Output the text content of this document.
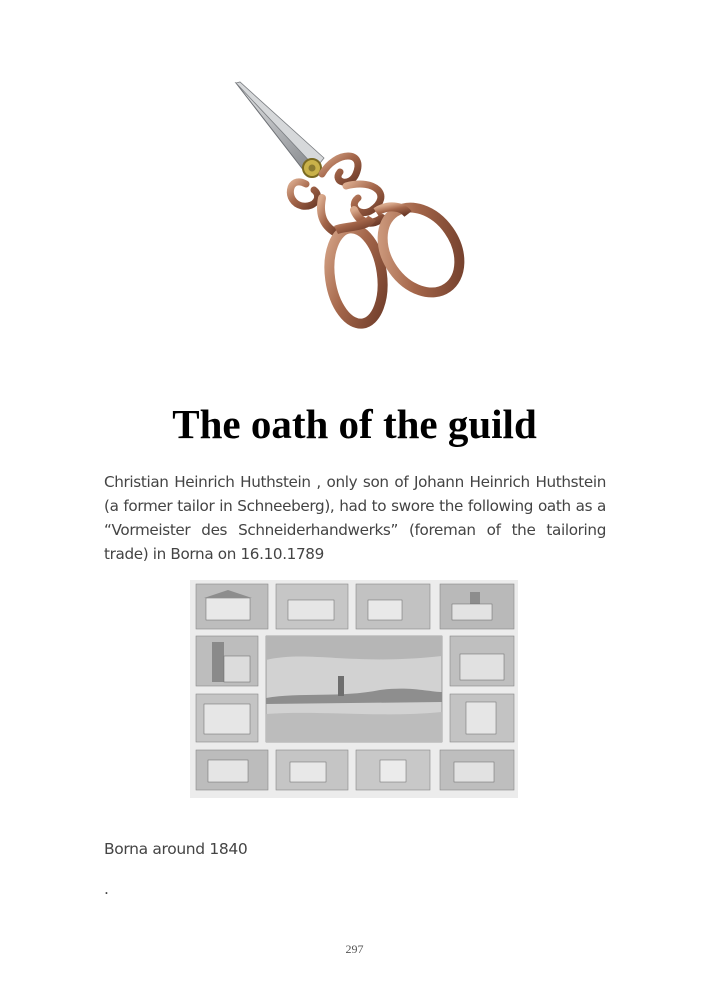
The oath of the guild

Christian Heinrich Huthstein , only son of Johann Heinrich Huthstein (a former tailor in Schneeberg), had to swore the following oath as a “Vormeister des Schneiderhandwerks” (foreman of the tailoring trade) in Borna on 16.10.1789

Borna around 1840

.

297
